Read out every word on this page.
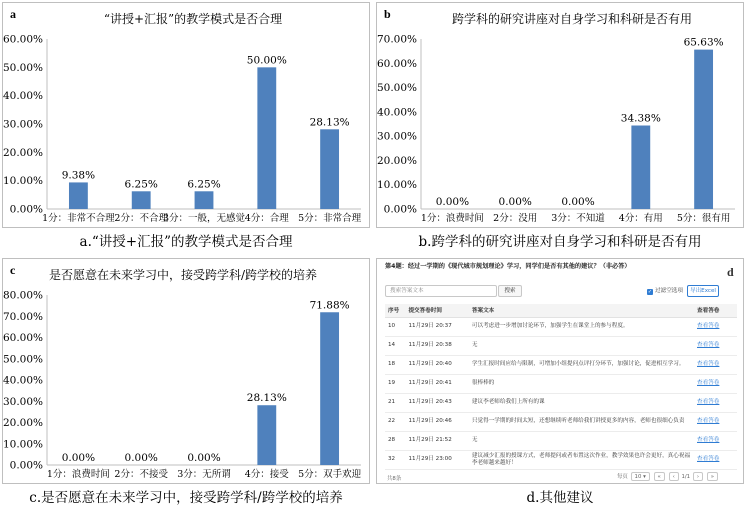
a	“讲授+汇报”的教学模式是否合理
0.00%
10.00%
20.00%
30.00%
40.00%
50.00%
60.00%
9.38%
1分：非常不合理
6.25%
2分：不合理
6.25%
3分：一般，无感觉
50.00%
4分：合理
28.13%
5分：非常合理
a.“讲授+汇报”的教学模式是否合理
b	跨学科的研究讲座对自身学习和科研是否有用
0.00%
10.00%
20.00%
30.00%
40.00%
50.00%
60.00%
70.00%
0.00%
1分：浪费时间
0.00%
2分：没用
0.00%
3分：不知道
34.38%
4分：有用
65.63%
5分：很有用
b.跨学科的研究讲座对自身学习和科研是否有用
c	是否愿意在未来学习中，接受跨学科/跨学校的培养
0.00%
10.00%
20.00%
30.00%
40.00%
50.00%
60.00%
70.00%
80.00%
0.00%
1分：浪费时间
0.00%
2分：不接受
0.00%
3分：无所谓
28.13%
4分：接受
71.88%
5分：双手欢迎
c.是否愿意在未来学习中，接受跨学科/跨学校的培养
d
第4题：经过一学期的《现代城市规划理论》学习，同学们是否有其他的建议？（非必答）
搜索答案文本	搜索	✓ 过滤空选项	导出Excel
序号	提交答卷时间	答案文本	查看答卷
10	11月29日 20:37	可以考虑进一步增加讨论环节，加强学生在课堂上的参与程度。	查看答卷
14	11月29日 20:38	无	查看答卷
18	11月29日 20:40	学生汇报时间应给与限制，可增加小组提问点评打分环节，加强讨论，促进相互学习。	查看答卷
19	11月29日 20:41	很棒棒的	查看答卷
21	11月29日 20:43	建议李老师给我们上所有的课	查看答卷
22	11月29日 20:46	只觉得一学期的时间太短，还想继续听老师给我们讲授更多的内容，老师也很细心负责	查看答卷
28	11月29日 21:52	无	查看答卷
32	11月29日 23:00	建议减少汇报的授课方式，老师提问或者布置这次作业，教学效果也许会更好，真心祝福李老师越来越好！	查看答卷
共8条	每页 10 ▾ « ‹ 1/1 › »
d.其他建议
